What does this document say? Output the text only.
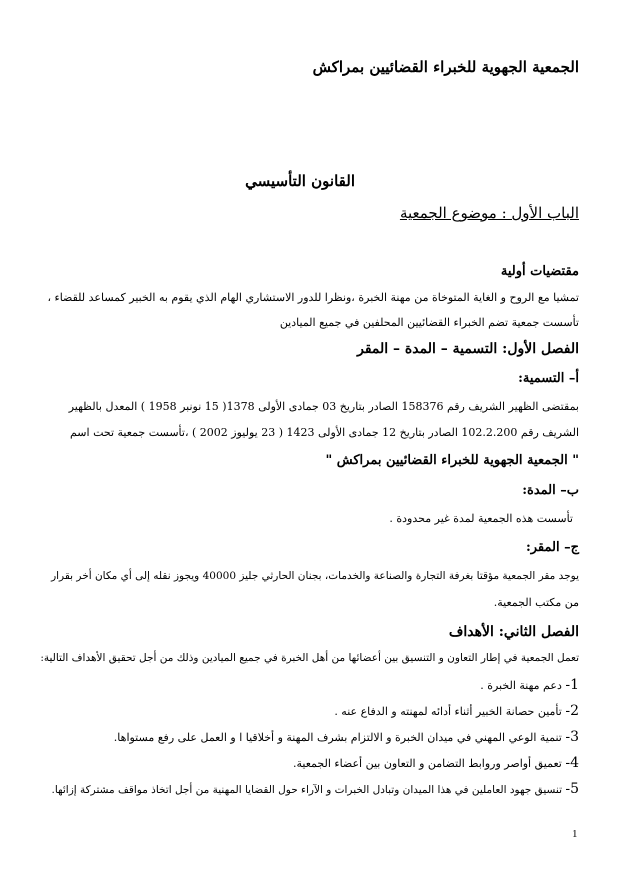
الجمعية الجهوية للخبراء القضائيين بمراكش
القانون التأسيسي
الباب الأول : موضوع الجمعية
مقتضيات أولية
تمشيا مع الروح و الغاية المتوخاة من مهنة الخبرة ،ونظرا للدور الاستشاري الهام الذي يقوم به الخبير كمساعد للقضاء ،
تأسست جمعية تضم الخبراء القضائيين المحلفين في جميع الميادين
الفصل الأول: التسمية – المدة – المقر
أ– التسمية:
بمقتضى الظهير الشريف رقم 158376 الصادر بتاريخ 03 جمادى الأولى 1378( 15 نونبر 1958 ) المعدل بالظهير
الشريف رقم 102.2.200 الصادر بتاريخ 12 جمادى الأولى 1423 ( 23 يوليوز 2002 ) ،تأسست جمعية تحت اسم
" الجمعية الجهوية للخبراء القضائيين بمراكش "
ب– المدة:
تأسست هذه الجمعية لمدة غير محدودة .
ج– المقر:
يوجد مقر الجمعية مؤقتا بغرفة التجارة والصناعة والخدمات، بجنان الحارثي جليز 40000 ويجوز نقله إلى أي مكان أخر بقرار
من مكتب الجمعية.
الفصل الثاني: الأهداف
تعمل الجمعية في إطار التعاون و التنسيق بين أعضائها من أهل الخبرة في جميع الميادين وذلك من أجل تحقيق الأهداف التالية:
1- دعم مهنة الخبرة .
2- تأمين حصانة الخبير أثناء أدائه لمهنته و الدفاع عنه .
3- تنمية الوعي المهني في ميدان الخبرة و الالتزام بشرف المهنة و أخلاقيا ا و العمل على رفع مستواها.
4- تعميق أواصر وروابط التضامن و التعاون بين أعضاء الجمعية.
5- تنسيق جهود العاملين في هذا الميدان وتبادل الخبرات و الآراء حول القضايا المهنية من أجل اتخاذ مواقف مشتركة إزائها.
1
